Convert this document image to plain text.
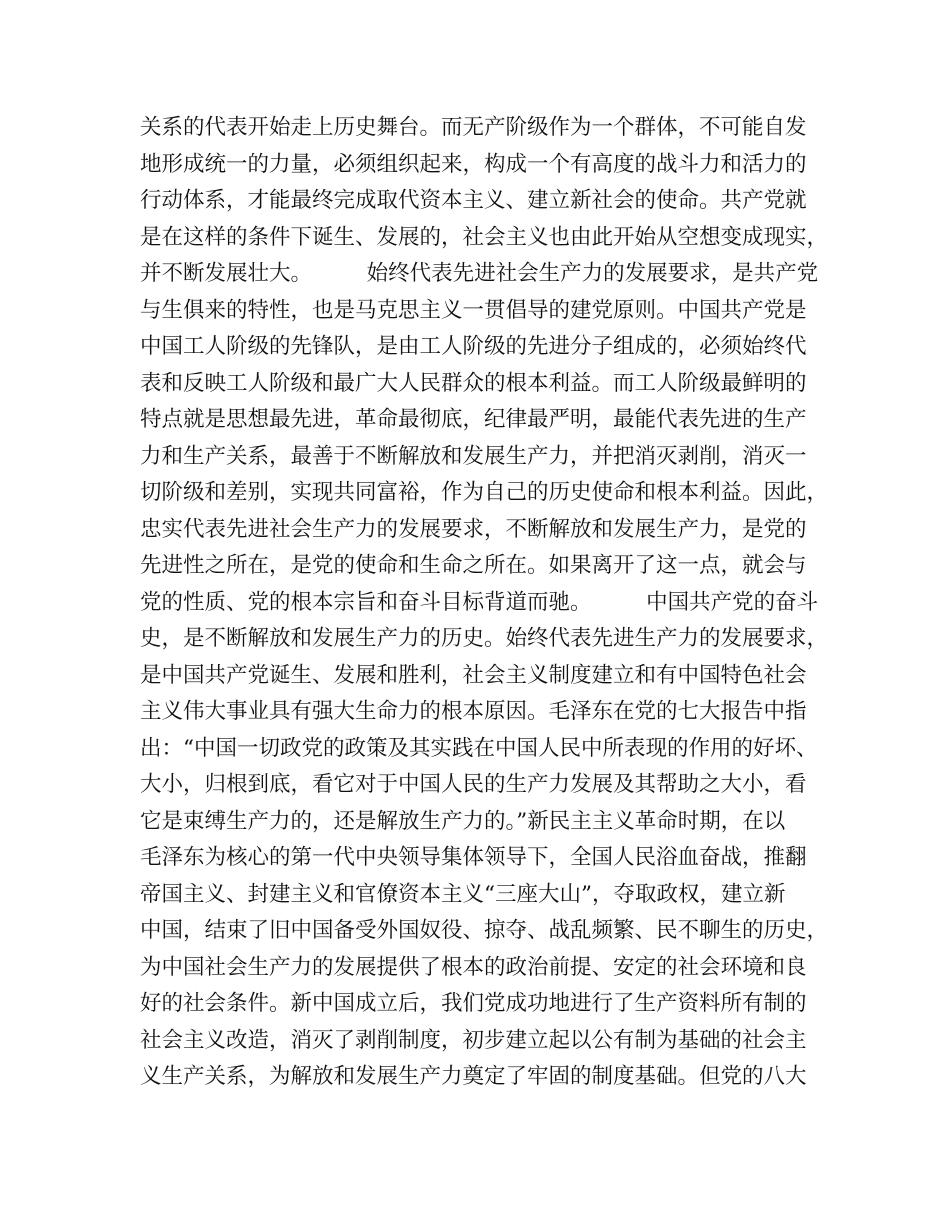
关系的代表开始走上历史舞台。而无产阶级作为一个群体，不可能自发
地形成统一的力量，必须组织起来，构成一个有高度的战斗力和活力的
行动体系，才能最终完成取代资本主义、建立新社会的使命。共产党就
是在这样的条件下诞生、发展的，社会主义也由此开始从空想变成现实，
并不断发展壮大。        始终代表先进社会生产力的发展要求，是共产党
与生俱来的特性，也是马克思主义一贯倡导的建党原则。中国共产党是
中国工人阶级的先锋队，是由工人阶级的先进分子组成的，必须始终代
表和反映工人阶级和最广大人民群众的根本利益。而工人阶级最鲜明的
特点就是思想最先进，革命最彻底，纪律最严明，最能代表先进的生产
力和生产关系，最善于不断解放和发展生产力，并把消灭剥削，消灭一
切阶级和差别，实现共同富裕，作为自己的历史使命和根本利益。因此，
忠实代表先进社会生产力的发展要求，不断解放和发展生产力，是党的
先进性之所在，是党的使命和生命之所在。如果离开了这一点，就会与
党的性质、党的根本宗旨和奋斗目标背道而驰。        中国共产党的奋斗
史，是不断解放和发展生产力的历史。始终代表先进生产力的发展要求，
是中国共产党诞生、发展和胜利，社会主义制度建立和有中国特色社会
主义伟大事业具有强大生命力的根本原因。毛泽东在党的七大报告中指
出：“中国一切政党的政策及其实践在中国人民中所表现的作用的好坏、
大小，归根到底，看它对于中国人民的生产力发展及其帮助之大小，看
它是束缚生产力的，还是解放生产力的。”新民主主义革命时期，在以
毛泽东为核心的第一代中央领导集体领导下，全国人民浴血奋战，推翻
帝国主义、封建主义和官僚资本主义“三座大山”，夺取政权，建立新
中国，结束了旧中国备受外国奴役、掠夺、战乱频繁、民不聊生的历史，
为中国社会生产力的发展提供了根本的政治前提、安定的社会环境和良
好的社会条件。新中国成立后，我们党成功地进行了生产资料所有制的
社会主义改造，消灭了剥削制度，初步建立起以公有制为基础的社会主
义生产关系，为解放和发展生产力奠定了牢固的制度基础。但党的八大
